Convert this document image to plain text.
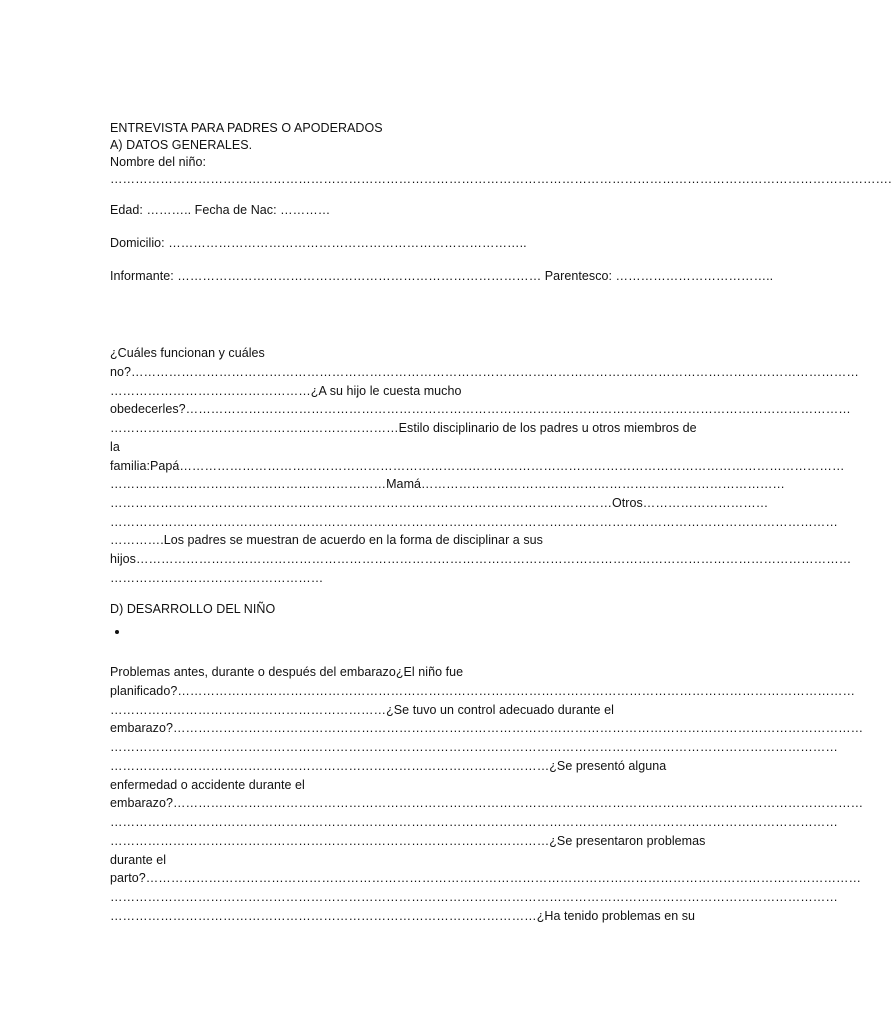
ENTREVISTA PARA PADRES O APODERADOS

A) DATOS GENERALES.

Nombre del niño:

…………………………………………………………………………………………………………………………………………………………………….

Edad: ……….. Fecha de Nac: …………

Domicilio: …………………………………………………………………………..

Informante: …………………………………………………………………………… Parentesco: ………………………………..

¿Cuáles funcionan y cuáles

no?…………………………………………………………………………………………………………………………………………………………

…………………………………………¿A su hijo le cuesta mucho

obedecerles?……………………………………………………………………………………………………………………………………………

……………………………………………………………Estilo disciplinario de los padres u otros miembros de

la

familia:Papá……………………………………………………………………………………………………………………………………………

…………………………………………………………Mamá……………………………………………………………………………

…………………………………………………………………………………………………………Otros…………………………

…………………………………………………………………………………………………………………………………………………………

………….Los padres se muestran de acuerdo en la forma de disciplinar a sus

hijos………………………………………………………………………………………………………………………………………………………

……………………………………………

D) DESARROLLO DEL NIÑO

Problemas antes, durante o después del embarazo¿El niño fue

planificado?………………………………………………………………………………………………………………………………………………

…………………………………………………………¿Se tuvo un control adecuado durante el

embarazo?…………………………………………………………………………………………………………………………………………………

…………………………………………………………………………………………………………………………………………………………

……………………………………………………………………………………………¿Se presentó alguna

enfermedad o accidente durante el

embarazo?…………………………………………………………………………………………………………………………………………………

…………………………………………………………………………………………………………………………………………………………

……………………………………………………………………………………………¿Se presentaron problemas

durante el

parto?………………………………………………………………………………………………………………………………………………………

…………………………………………………………………………………………………………………………………………………………

…………………………………………………………………………………………¿Ha tenido problemas en su
